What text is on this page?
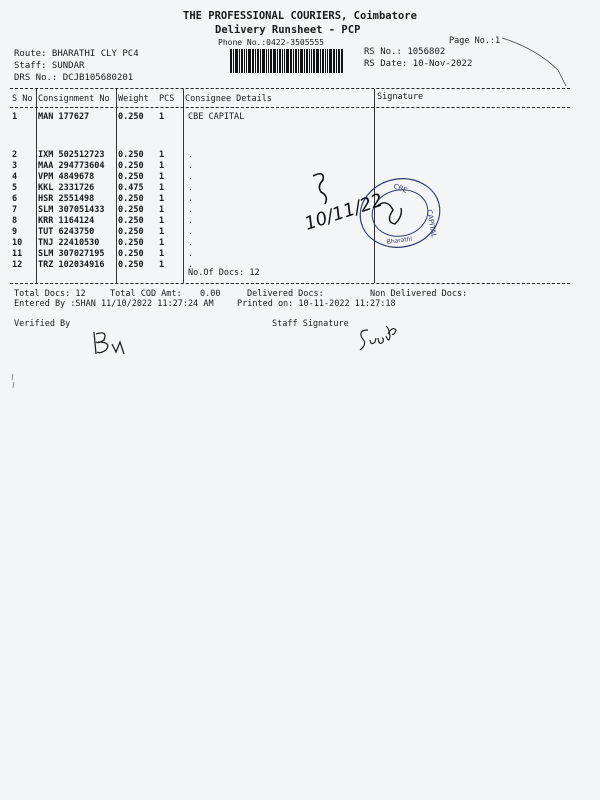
THE PROFESSIONAL COURIERS, Coimbatore
Delivery Runsheet - PCP
Phone No.:0422-3505555	Page No.:1
Route: BHARATHI CLY PC4
Staff: SUNDAR
DRS No.: DCJB105680201
RS No.: 1056802
RS Date: 10-Nov-2022
S No Consignment No Weight PCS Consignee Details	Signature
1 MAN 177627	0.250 1	CBE CAPITAL
2 IXM 502512723 0.250 1	.
3 MAA 294773604 0.250 1	.
4 VPM 4849678	0.250 1	.
5 KKL 2331726	0.475 1	.
6 HSR 2551498	0.250 1	.
7 SLM 307051433 0.250 1	.
8 KRR 1164124	0.250 1	.
9 TUT 6243750	0.250 1	.
10 TNJ 22410530 0.250 1	.
11 SLM 307027195 0.250 1	.
12 TRZ 102034916 0.250 1	.
No.Of Docs: 12
Total Docs: 12	Total COD Amt: 0.00	Delivered Docs:	Non Delivered Docs:
Entered By :SHAN 11/10/2022 11:27:24 AM	Printed on: 10-11-2022 11:27:18
Verified By	Staff Signature
CBE
CAPITAL
Bharathi
10/11/22
